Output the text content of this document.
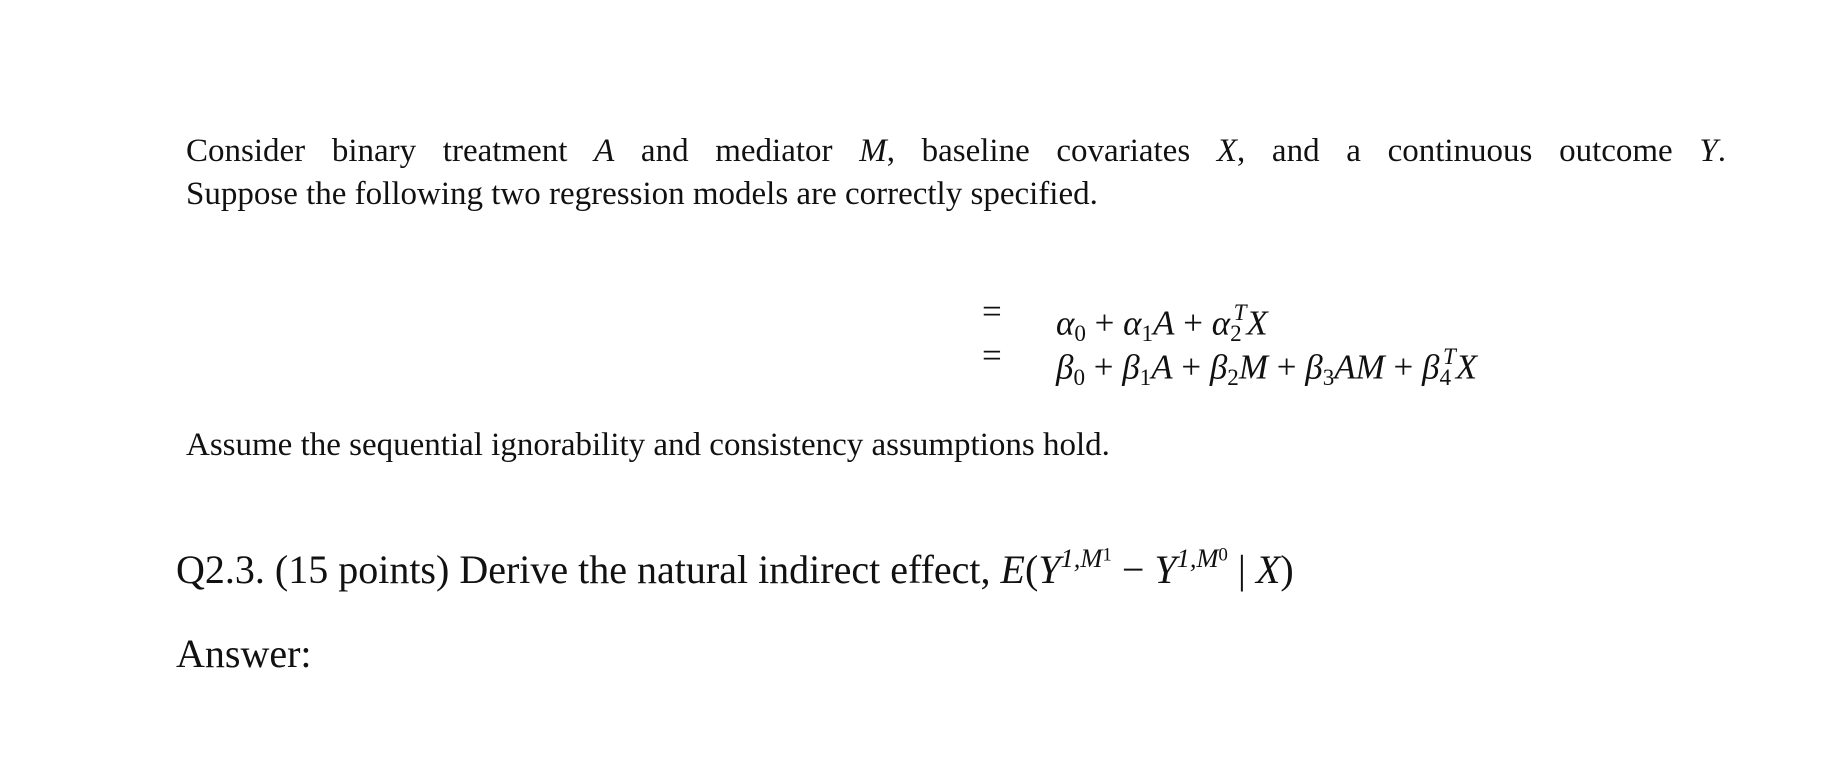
Consider binary treatment A and mediator M, baseline covariates X, and a continuous outcome Y.
Suppose the following two regression models are correctly specified.
= $\alpha_0 + \alpha_1A + \alpha_2^TX$
= $\beta_0 + \beta_1A + \beta_2M + \beta_3AM + \beta_4^TX$

Assume the sequential ignorability and consistency assumptions hold.

Q2.3. (15 points) Derive the natural indirect effect, $E(Y^{1,M^1} - Y^{1,M^0}$ | X)

Answer:
